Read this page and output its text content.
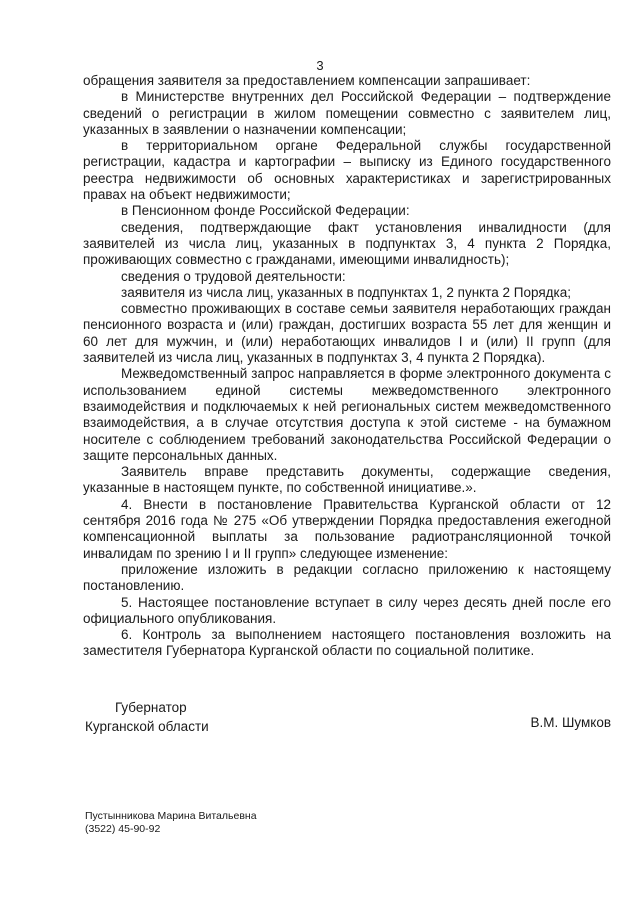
3

обращения заявителя за предоставлением компенсации запрашивает:

в Министерстве внутренних дел Российской Федерации – подтверждение сведений о регистрации в жилом помещении совместно с заявителем лиц, указанных в заявлении о назначении компенсации;

в территориальном органе Федеральной службы государственной регистрации, кадастра и картографии – выписку из Единого государственного реестра недвижимости об основных характеристиках и зарегистрированных правах на объект недвижимости;

в Пенсионном фонде Российской Федерации:

сведения, подтверждающие факт установления инвалидности (для заявителей из числа лиц, указанных в подпунктах 3, 4 пункта 2 Порядка, проживающих совместно с гражданами, имеющими инвалидность);

сведения о трудовой деятельности:

заявителя из числа лиц, указанных в подпунктах 1, 2 пункта 2 Порядка;

совместно проживающих в составе семьи заявителя неработающих граждан пенсионного возраста и (или) граждан, достигших возраста 55 лет для женщин и 60 лет для мужчин, и (или) неработающих инвалидов I и (или) II групп (для заявителей из числа лиц, указанных в подпунктах 3, 4 пункта 2 Порядка).

Межведомственный запрос направляется в форме электронного документа с использованием единой системы межведомственного электронного взаимодействия и подключаемых к ней региональных систем межведомственного взаимодействия, а в случае отсутствия доступа к этой системе - на бумажном носителе с соблюдением требований законодательства Российской Федерации о защите персональных данных.

Заявитель вправе представить документы, содержащие сведения, указанные в настоящем пункте, по собственной инициативе.».

4. Внести в постановление Правительства Курганской области от 12 сентября 2016 года № 275 «Об утверждении Порядка предоставления ежегодной компенсационной выплаты за пользование радиотрансляционной точкой инвалидам по зрению I и II групп» следующее изменение:

приложение изложить в редакции согласно приложению к настоящему постановлению.

5. Настоящее постановление вступает в силу через десять дней после его официального опубликования.

6. Контроль за выполнением настоящего постановления возложить на заместителя Губернатора Курганской области по социальной политике.

Губернатор
Курганской области	В.М. Шумков
Пустынникова Марина Витальевна
(3522) 45-90-92
